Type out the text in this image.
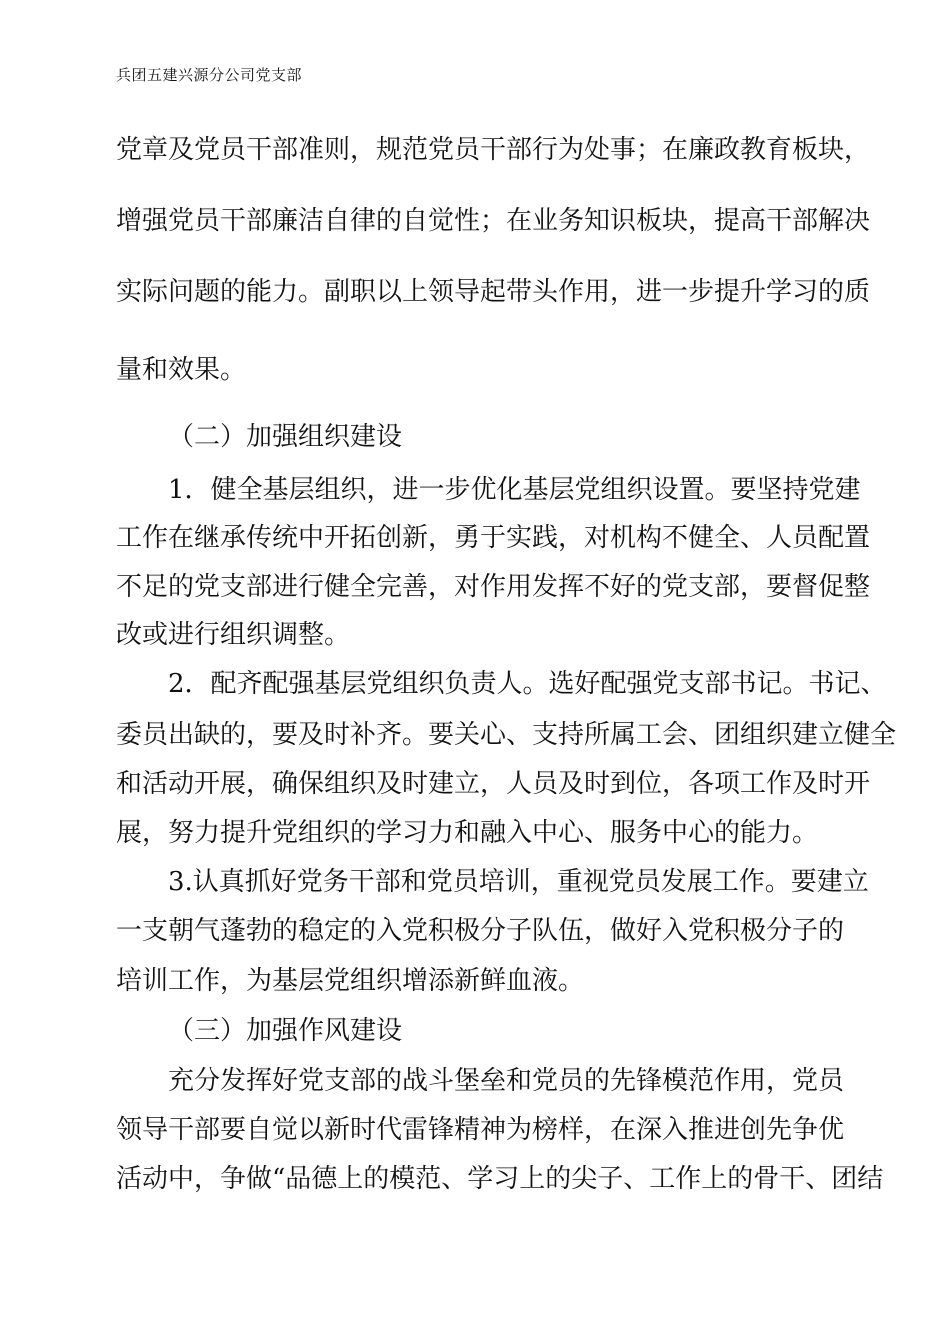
兵团五建兴源分公司党支部
党章及党员干部准则，规范党员干部行为处事；在廉政教育板块，
增强党员干部廉洁自律的自觉性；在业务知识板块，提高干部解决
实际问题的能力。副职以上领导起带头作用，进一步提升学习的质
量和效果。
（二）加强组织建设
1．健全基层组织，进一步优化基层党组织设置。要坚持党建
工作在继承传统中开拓创新，勇于实践，对机构不健全、人员配置
不足的党支部进行健全完善，对作用发挥不好的党支部，要督促整
改或进行组织调整。
2．配齐配强基层党组织负责人。选好配强党支部书记。书记、
委员出缺的，要及时补齐。要关心、支持所属工会、团组织建立健全
和活动开展，确保组织及时建立，人员及时到位，各项工作及时开
展，努力提升党组织的学习力和融入中心、服务中心的能力。
3.认真抓好党务干部和党员培训，重视党员发展工作。要建立
一支朝气蓬勃的稳定的入党积极分子队伍，做好入党积极分子的
培训工作，为基层党组织增添新鲜血液。
（三）加强作风建设
充分发挥好党支部的战斗堡垒和党员的先锋模范作用，党员
领导干部要自觉以新时代雷锋精神为榜样，在深入推进创先争优
活动中，争做“品德上的模范、学习上的尖子、工作上的骨干、团结
